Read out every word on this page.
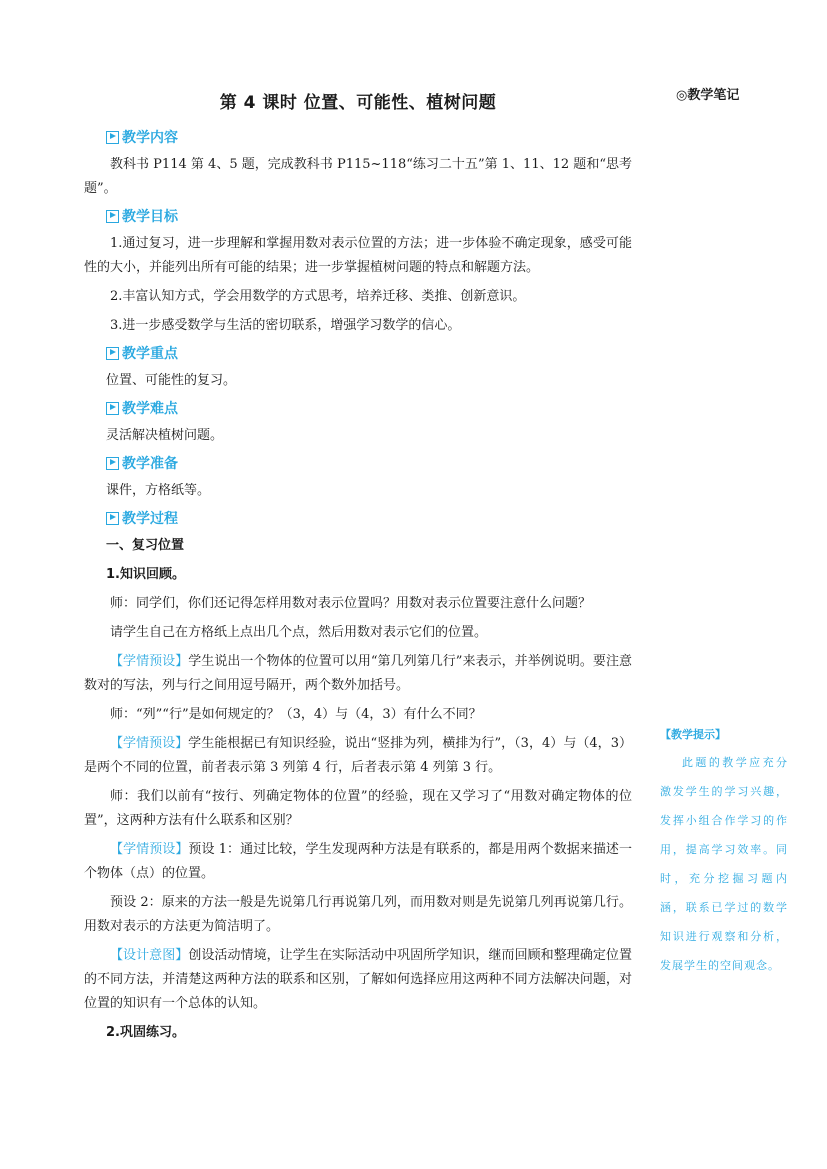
第 4 课时 位置、可能性、植树问题
教学内容

教科书 P114 第 4、5 题，完成教科书 P115~118“练习二十五”第 1、11、12 题和“思考题”。

教学目标

1.通过复习，进一步理解和掌握用数对表示位置的方法；进一步体验不确定现象，感受可能性的大小，并能列出所有可能的结果；进一步掌握植树问题的特点和解题方法。

2.丰富认知方式，学会用数学的方式思考，培养迁移、类推、创新意识。

3.进一步感受数学与生活的密切联系，增强学习数学的信心。

教学重点

位置、可能性的复习。

教学难点

灵活解决植树问题。

教学准备

课件，方格纸等。

教学过程

一、复习位置

1.知识回顾。

师：同学们，你们还记得怎样用数对表示位置吗？用数对表示位置要注意什么问题？

请学生自己在方格纸上点出几个点，然后用数对表示它们的位置。

【学情预设】学生说出一个物体的位置可以用“第几列第几行”来表示，并举例说明。要注意数对的写法，列与行之间用逗号隔开，两个数外加括号。

师：“列”“行”是如何规定的？（3，4）与（4，3）有什么不同？

【学情预设】学生能根据已有知识经验，说出“竖排为列，横排为行”，（3，4）与（4，3）是两个不同的位置，前者表示第 3 列第 4 行，后者表示第 4 列第 3 行。

师：我们以前有“按行、列确定物体的位置”的经验，现在又学习了“用数对确定物体的位置”，这两种方法有什么联系和区别？

【学情预设】预设 1：通过比较，学生发现两种方法是有联系的，都是用两个数据来描述一个物体（点）的位置。

预设 2：原来的方法一般是先说第几行再说第几列，而用数对则是先说第几列再说第几行。用数对表示的方法更为简洁明了。

【设计意图】创设活动情境，让学生在实际活动中巩固所学知识，继而回顾和整理确定位置的不同方法，并清楚这两种方法的联系和区别，了解如何选择应用这两种不同方法解决问题，对位置的知识有一个总体的认知。

2.巩固练习。

◎教学笔记
【教学提示】
此题的教学应充分激发学生的学习兴趣，发挥小组合作学习的作用，提高学习效率。同时，充分挖掘习题内涵，联系已学过的数学知识进行观察和分析，发展学生的空间观念。
